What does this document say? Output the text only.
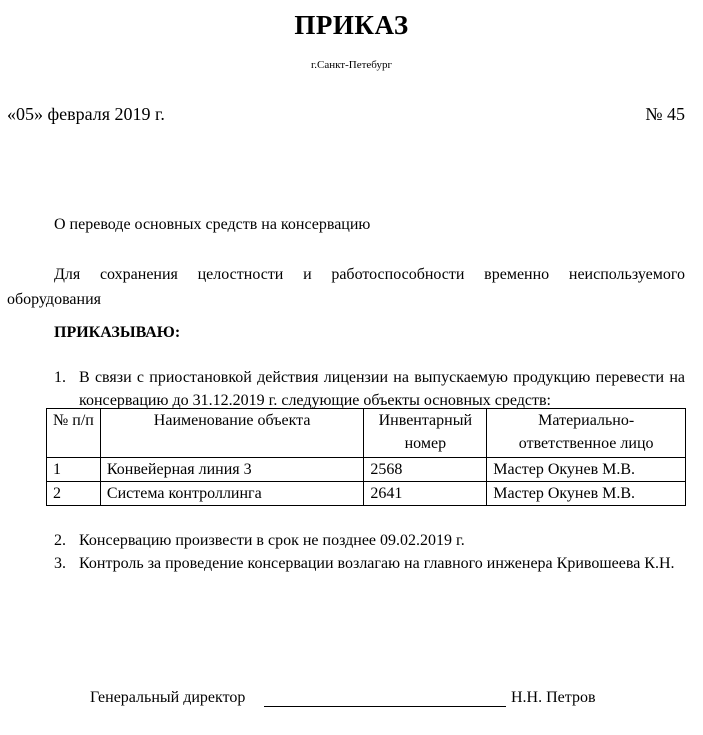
ПРИКАЗ
г.Санкт-Петебург
«05» февраля 2019 г.	№ 45
О переводе основных средств на консервацию
Для сохранения целостности и работоспособности временно неиспользуемого оборудования
ПРИКАЗЫВАЮ:
1. В связи с приостановкой действия лицензии на выпускаемую продукцию перевести на консервацию до 31.12.2019 г. следующие объекты основных средств:
№ п/п	Наименование объекта	Инвентарный номер	Материально-ответственное лицо
1	Конвейерная линия 3	2568	Мастер Окунев М.В.
2	Система контроллинга	2641	Мастер Окунев М.В.
2. Консервацию произвести в срок не позднее 09.02.2019 г.
3. Контроль за проведение консервации возлагаю на главного инженера Кривошеева К.Н.
Генеральный директор	Н.Н. Петров
